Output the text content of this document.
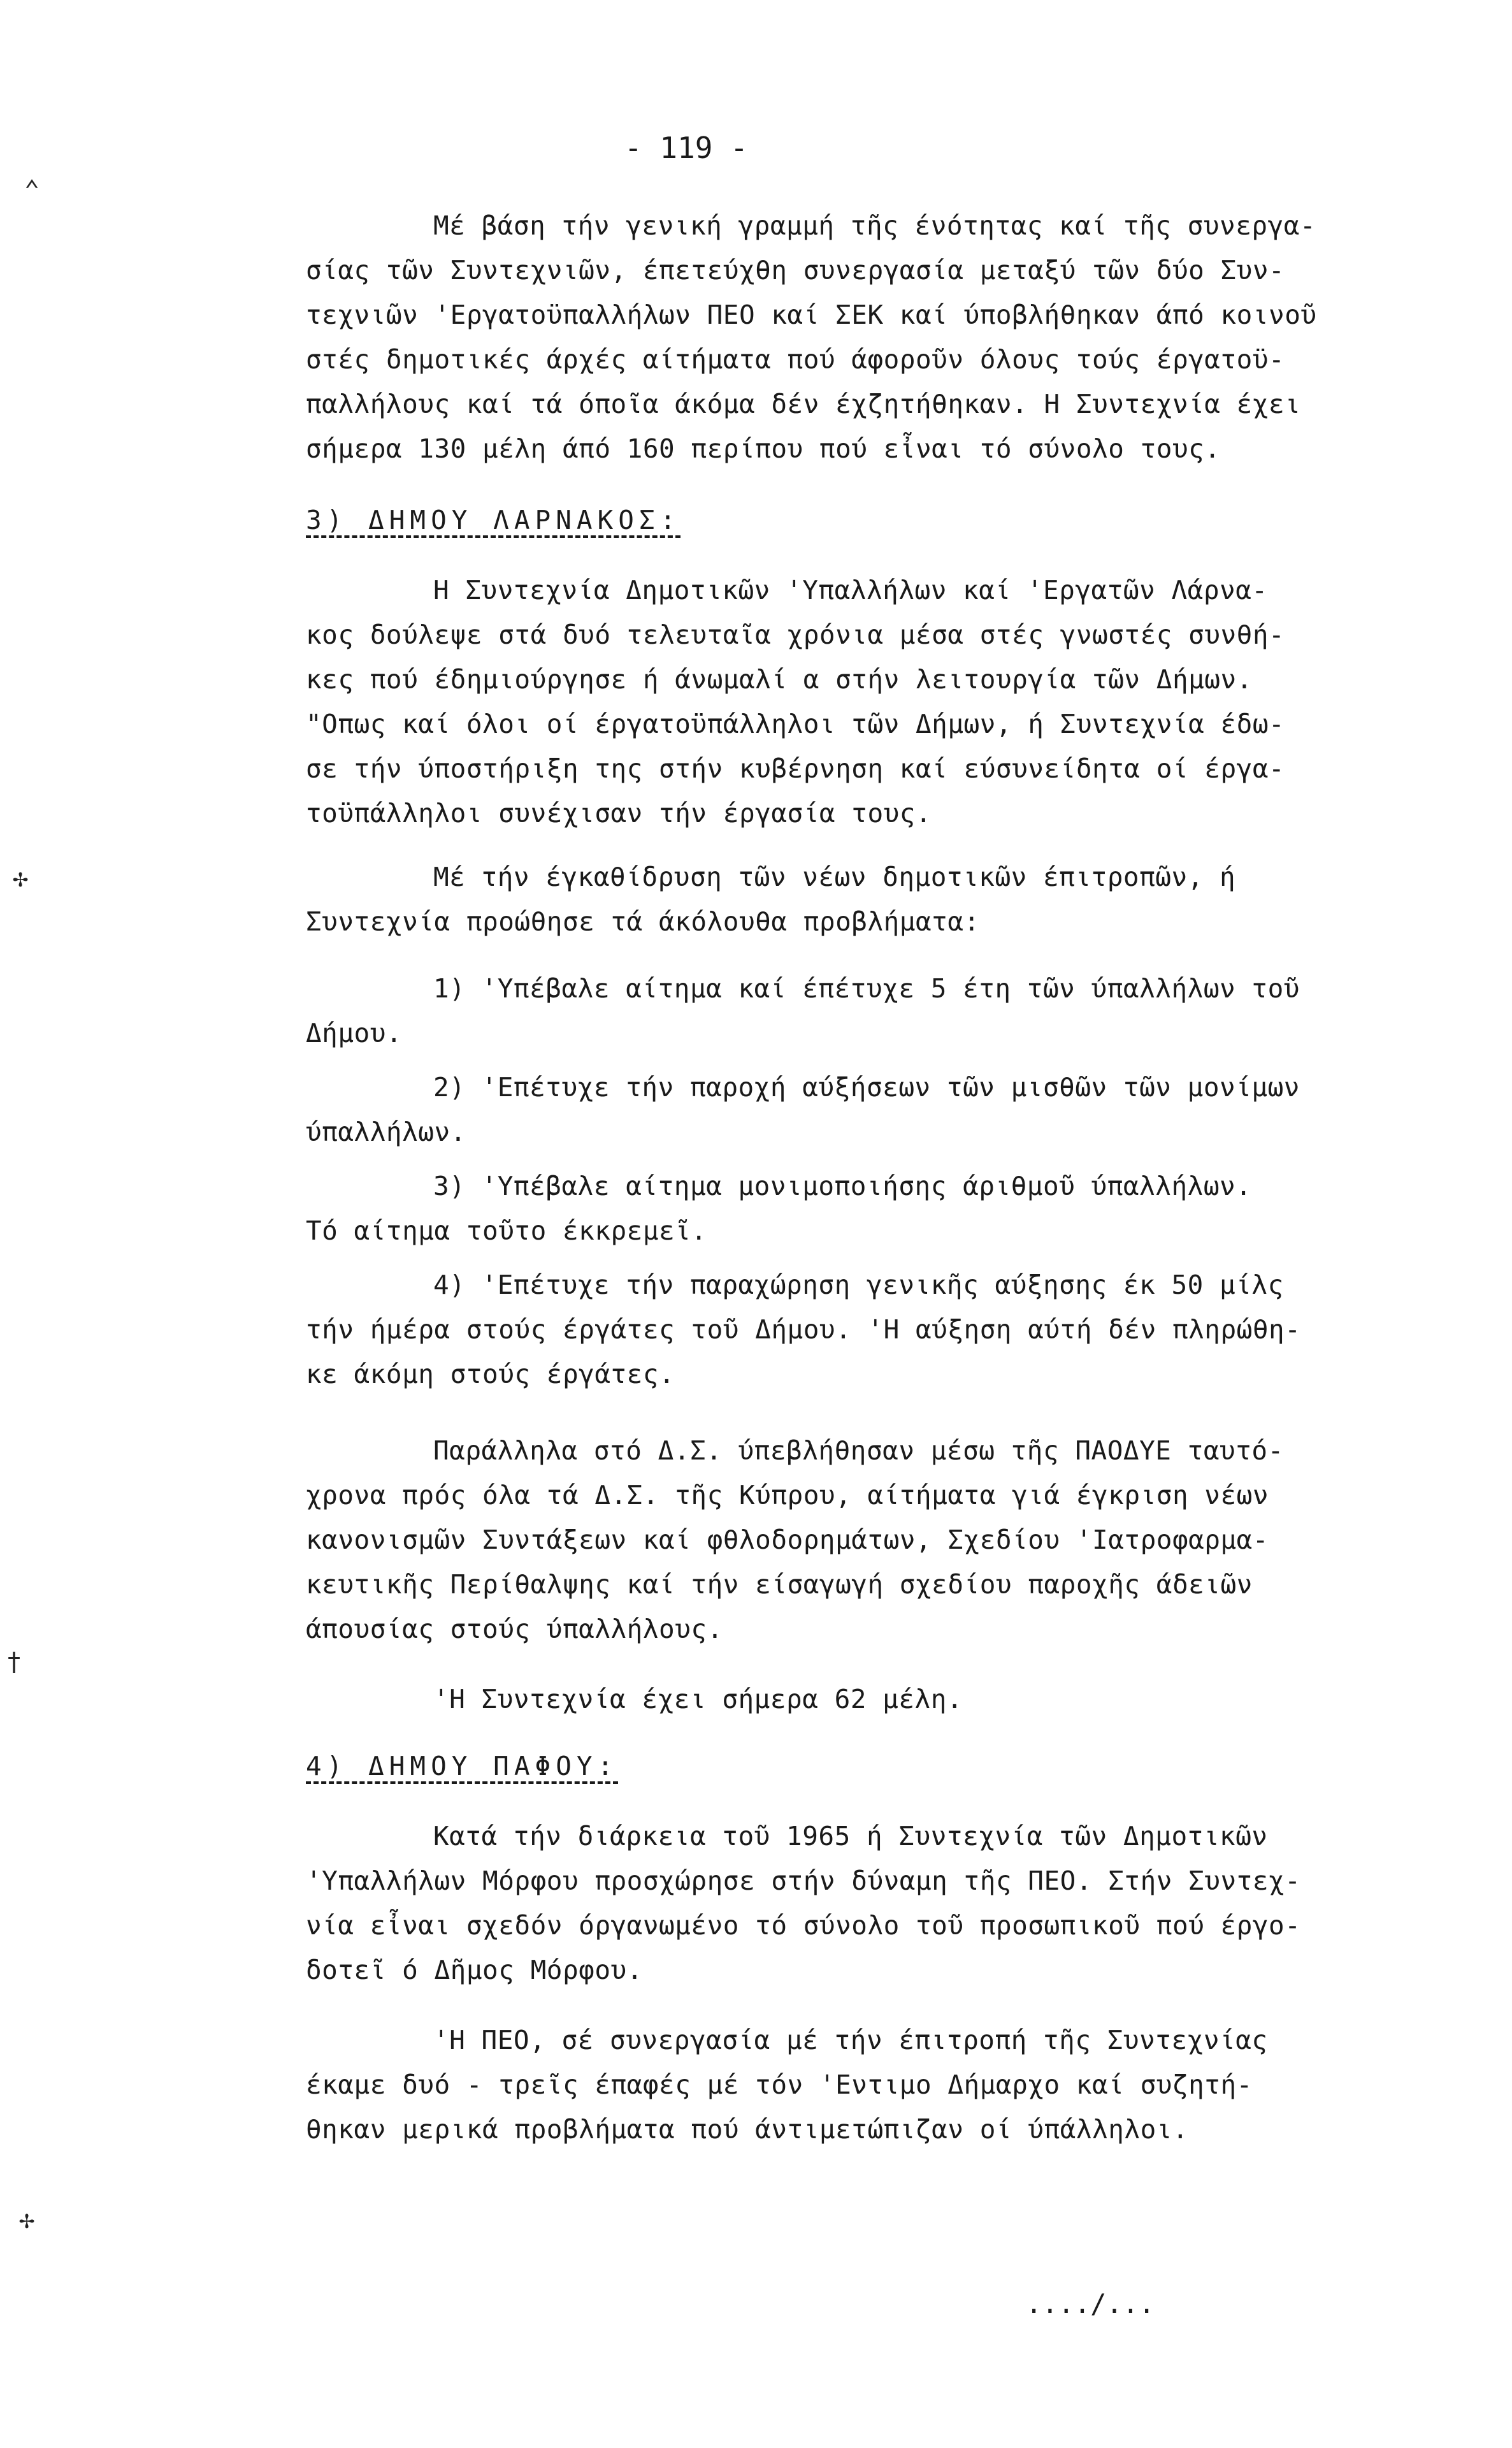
- 119 -
Μέ βάση τήν γενική γραμμή τῆς ένότητας καί τῆς συνεργα-
σίας τῶν Συντεχνιῶν, έπετεύχθη συνεργασία μεταξύ τῶν δύο Συν-
τεχνιῶν 'Εργατοϋπαλλήλων ΠΕΟ καί ΣΕΚ καί ύποβλήθηκαν άπό κοινοῦ
στές δημοτικές άρχές αίτήματα πού άφοροῦν όλους τούς έργατοϋ-
παλλήλους καί τά όποῖα άκόμα δέν έχζητήθηκαν. Η Συντεχνία έχει
σήμερα 130 μέλη άπό 160 περίπου πού εἶναι τό σύνολο τους.
3) ΔΗΜΟΥ ΛΑΡΝΑΚΟΣ:
Η Συντεχνία Δημοτικῶν 'Υπαλλήλων καί 'Εργατῶν Λάρνα-
κος δούλεψε στά δυό τελευταῖα χρόνια μέσα στές γνωστές συνθή-
κες πού έδημιούργησε ή άνωμαλί α στήν λειτουργία τῶν Δήμων.
"Οπως καί όλοι οί έργατοϋπάλληλοι τῶν Δήμων, ή Συντεχνία έδω-
σε τήν ύποστήριξη της στήν κυβέρνηση καί εύσυνείδητα οί έργα-
τοϋπάλληλοι συνέχισαν τήν έργασία τους.
Μέ τήν έγκαθίδρυση τῶν νέων δημοτικῶν έπιτροπῶν, ή
Συντεχνία προώθησε τά άκόλουθα προβλήματα:
1) 'Υπέβαλε αίτημα καί έπέτυχε 5 έτη τῶν ύπαλλήλων τοῦ
Δήμου.
2) 'Επέτυχε τήν παροχή αύξήσεων τῶν μισθῶν τῶν μονίμων
ύπαλλήλων.
3) 'Υπέβαλε αίτημα μονιμοποιήσης άριθμοῦ ύπαλλήλων.
Τό αίτημα τοῦτο έκκρεμεῖ.
4) 'Επέτυχε τήν παραχώρηση γενικῆς αύξησης έκ 50 μίλς
τήν ήμέρα στούς έργάτες τοῦ Δήμου. 'Η αύξηση αύτή δέν πληρώθη-
κε άκόμη στούς έργάτες.
Παράλληλα στό Δ.Σ. ύπεβλήθησαν μέσω τῆς ΠΑΟΔΥΕ ταυτό-
χρονα πρός όλα τά Δ.Σ. τῆς Κύπρου, αίτήματα γιά έγκριση νέων
κανονισμῶν Συντάξεων καί φθλοδορημάτων, Σχεδίου 'Ιατροφαρμα-
κευτικῆς Περίθαλψης καί τήν είσαγωγή σχεδίου παροχῆς άδειῶν
άπουσίας στούς ύπαλλήλους.
'Η Συντεχνία έχει σήμερα 62 μέλη.
4) ΔΗΜΟΥ ΠΑΦΟΥ:
Κατά τήν διάρκεια τοῦ 1965 ή Συντεχνία τῶν Δημοτικῶν
'Υπαλλήλων Μόρφου προσχώρησε στήν δύναμη τῆς ΠΕΟ. Στήν Συντεχ-
νία εἶναι σχεδόν όργανωμένο τό σύνολο τοῦ προσωπικοῦ πού έργο-
δοτεῖ ό Δῆμος Μόρφου.
'Η ΠΕΟ, σέ συνεργασία μέ τήν έπιτροπή τῆς Συντεχνίας
έκαμε δυό - τρεῖς έπαφές μέ τόν 'Εντιμο Δήμαρχο καί συζητή-
θηκαν μερικά προβλήματα πού άντιμετώπιζαν οί ύπάλληλοι.
..../...
⌃
✢
†
✢
